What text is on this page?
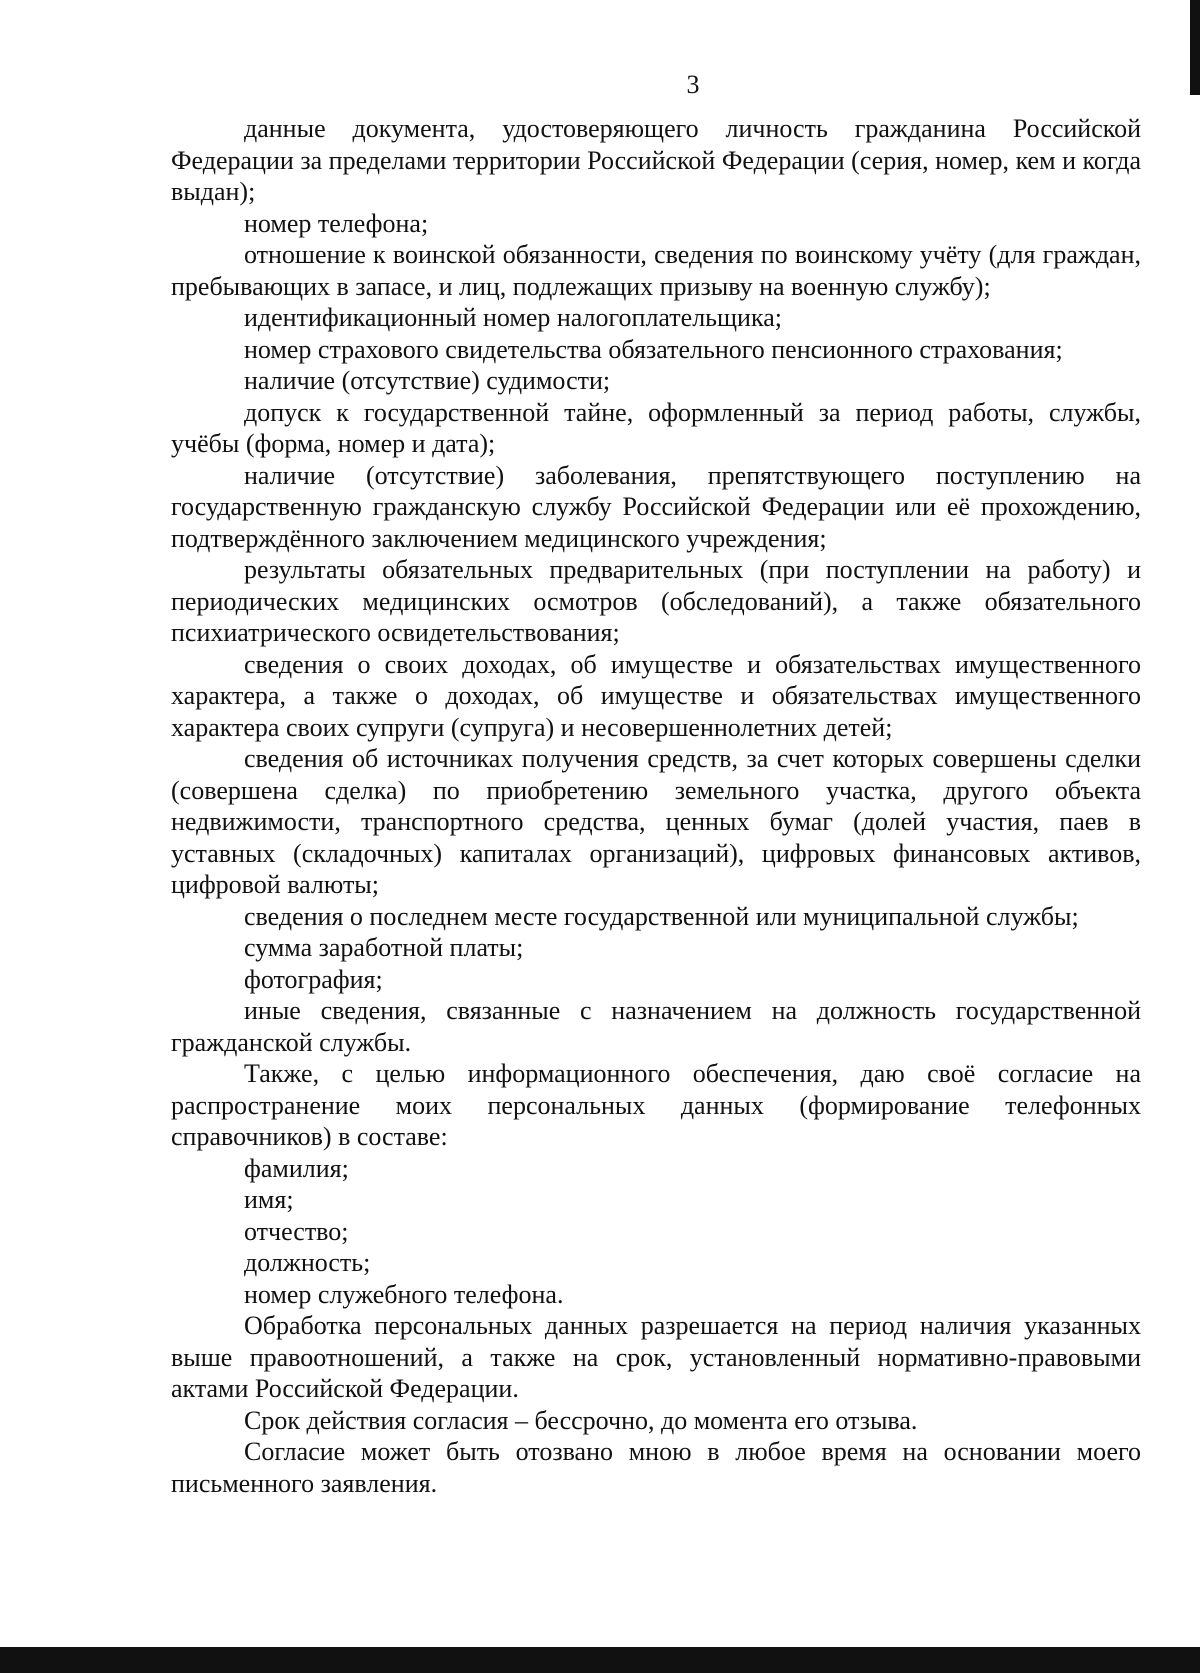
3

данные документа, удостоверяющего личность гражданина Российской Федерации за пределами территории Российской Федерации (серия, номер, кем и когда выдан);

номер телефона;

отношение к воинской обязанности, сведения по воинскому учёту (для граждан, пребывающих в запасе, и лиц, подлежащих призыву на военную службу);

идентификационный номер налогоплательщика;

номер страхового свидетельства обязательного пенсионного страхования;

наличие (отсутствие) судимости;

допуск к государственной тайне, оформленный за период работы, службы, учёбы (форма, номер и дата);

наличие (отсутствие) заболевания, препятствующего поступлению на государственную гражданскую службу Российской Федерации или её прохождению, подтверждённого заключением медицинского учреждения;

результаты обязательных предварительных (при поступлении на работу) и периодических медицинских осмотров (обследований), а также обязательного психиатрического освидетельствования;

сведения о своих доходах, об имуществе и обязательствах имущественного характера, а также о доходах, об имуществе и обязательствах имущественного характера своих супруги (супруга) и несовершеннолетних детей;

сведения об источниках получения средств, за счет которых совершены сделки (совершена сделка) по приобретению земельного участка, другого объекта недвижимости, транспортного средства, ценных бумаг (долей участия, паев в уставных (складочных) капиталах организаций), цифровых финансовых активов, цифровой валюты;

сведения о последнем месте государственной или муниципальной службы;

сумма заработной платы;

фотография;

иные сведения, связанные с назначением на должность государственной гражданской службы.

Также, с целью информационного обеспечения, даю своё согласие на распространение моих персональных данных (формирование телефонных справочников) в составе:

фамилия;

имя;

отчество;

должность;

номер служебного телефона.

Обработка персональных данных разрешается на период наличия указанных выше правоотношений, а также на срок, установленный нормативно-правовыми актами Российской Федерации.

Срок действия согласия – бессрочно, до момента его отзыва.

Согласие может быть отозвано мною в любое время на основании моего письменного заявления.
